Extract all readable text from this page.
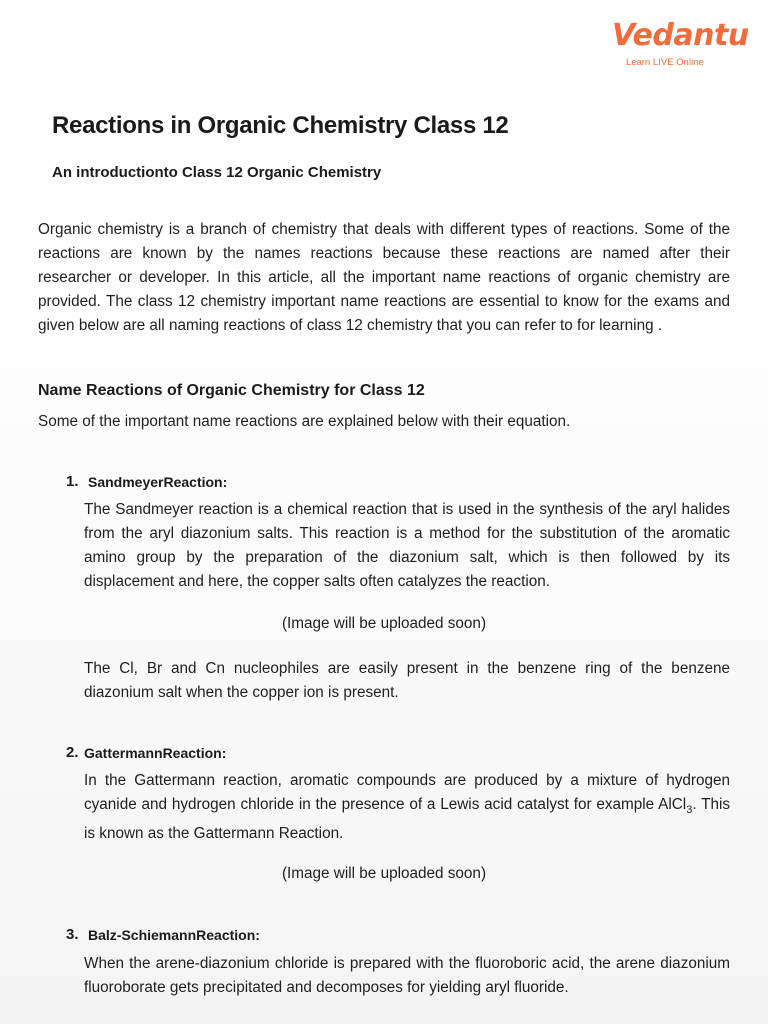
Vedantu
Learn LIVE Online
Reactions in Organic Chemistry Class 12
An introductionto Class 12 Organic Chemistry

Organic chemistry is a branch of chemistry that deals with different types of reactions. Some of the reactions are known by the names reactions because these reactions are named after their researcher or developer. In this article, all the important name reactions of organic chemistry are provided. The class 12 chemistry important name reactions are essential to know for the exams and given below are all naming reactions of class 12 chemistry that you can refer to for learning .

Name Reactions of Organic Chemistry for Class 12

Some of the important name reactions are explained below with their equation.

1. SandmeyerReaction:

The Sandmeyer reaction is a chemical reaction that is used in the synthesis of the aryl halides from the aryl diazonium salts. This reaction is a method for the substitution of the aromatic amino group by the preparation of the diazonium salt, which is then followed by its displacement and here, the copper salts often catalyzes the reaction.

(Image will be uploaded soon)

The Cl, Br and Cn nucleophiles are easily present in the benzene ring of the benzene diazonium salt when the copper ion is present.

2. GattermannReaction:

In the Gattermann reaction, aromatic compounds are produced by a mixture of hydrogen cyanide and hydrogen chloride in the presence of a Lewis acid catalyst for example AlCl$_3$. This is known as the Gattermann Reaction.

(Image will be uploaded soon)
3. Balz-SchiemannReaction:

When the arene-diazonium chloride is prepared with the fluoroboric acid, the arene diazonium fluoroborate gets precipitated and decomposes for yielding aryl fluoride.
